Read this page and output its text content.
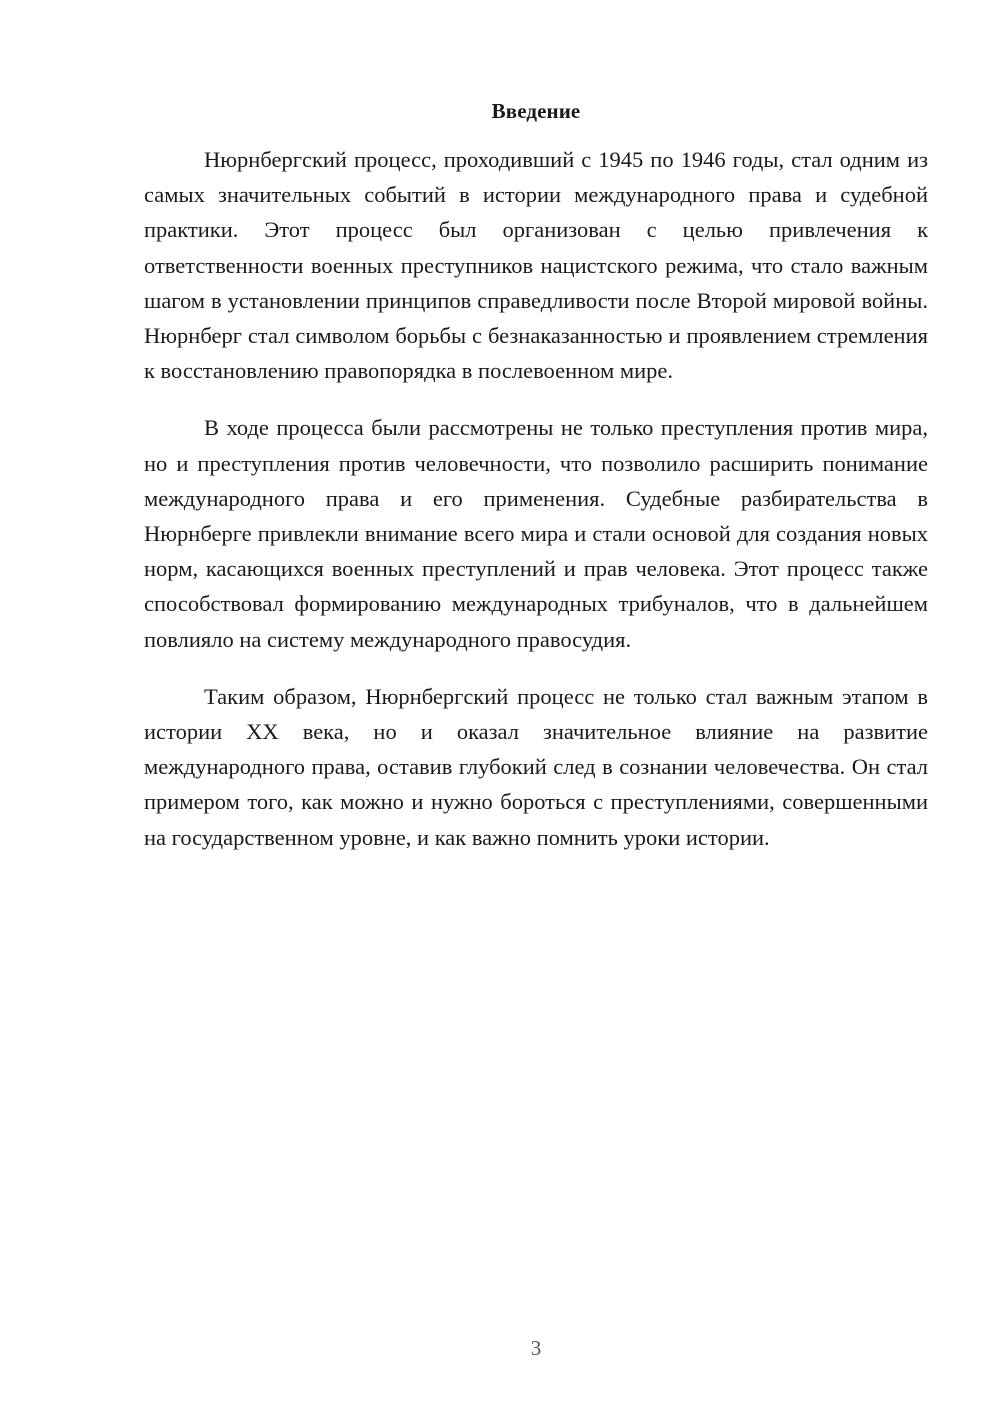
Введение

Нюрнбергский процесс, проходивший с 1945 по 1946 годы, стал одним из самых значительных событий в истории международного права и судебной практики. Этот процесс был организован с целью привлечения к ответственности военных преступников нацистского режима, что стало важным шагом в установлении принципов справедливости после Второй мировой войны. Нюрнберг стал символом борьбы с безнаказанностью и проявлением стремления к восстановлению правопорядка в послевоенном мире.

В ходе процесса были рассмотрены не только преступления против мира, но и преступления против человечности, что позволило расширить понимание международного права и его применения. Судебные разбирательства в Нюрнберге привлекли внимание всего мира и стали основой для создания новых норм, касающихся военных преступлений и прав человека. Этот процесс также способствовал формированию международных трибуналов, что в дальнейшем повлияло на систему международного правосудия.

Таким образом, Нюрнбергский процесс не только стал важным этапом в истории XX века, но и оказал значительное влияние на развитие международного права, оставив глубокий след в сознании человечества. Он стал примером того, как можно и нужно бороться с преступлениями, совершенными на государственном уровне, и как важно помнить уроки истории.

3
